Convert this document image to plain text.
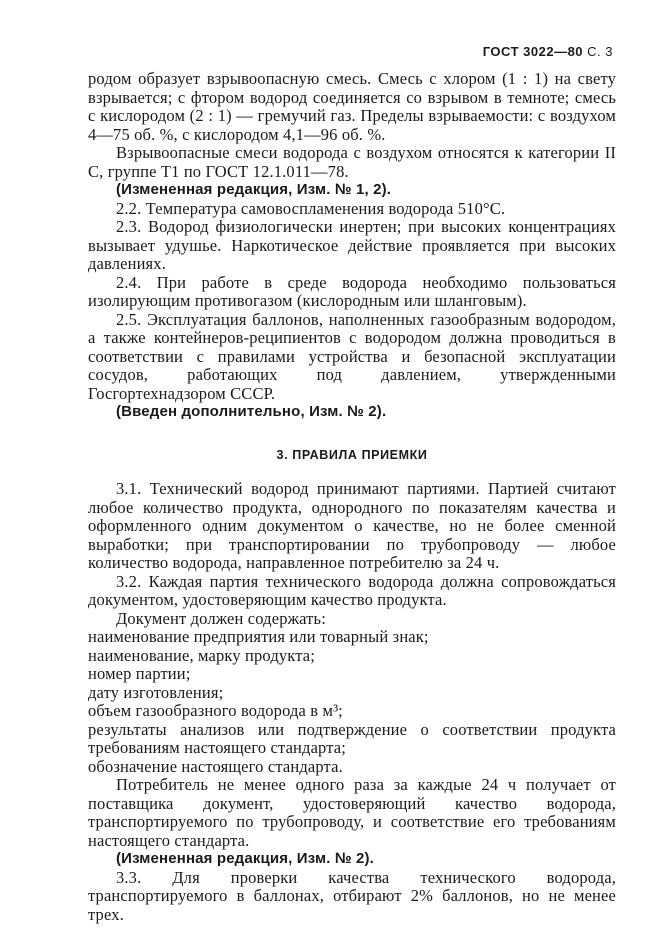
ГОСТ 3022—80 С. 3

родом образует взрывоопасную смесь. Смесь с хлором (1 : 1) на свету взрывается; с фтором водород соединяется со взрывом в темноте; смесь с кислородом (2 : 1) — гремучий газ. Пределы взрываемости: с воздухом 4—75 об. %, с кислородом 4,1—96 об. %.

Взрывоопасные смеси водорода с воздухом относятся к категории II C, группе T1 по ГОСТ 12.1.011—78.

(Измененная редакция, Изм. № 1, 2).

2.2. Температура самовоспламенения водорода 510°С.

2.3. Водород физиологически инертен; при высоких концентрациях вызывает удушье. Наркотическое действие проявляется при высоких давлениях.

2.4. При работе в среде водорода необходимо пользоваться изолирующим противогазом (кислородным или шланговым).

2.5. Эксплуатация баллонов, наполненных газообразным водородом, а также контейнеров-реципиентов с водородом должна проводиться в соответствии с правилами устройства и безопасной эксплуатации сосудов, работающих под давлением, утвержденными Госгортехнадзором СССР.

(Введен дополнительно, Изм. № 2).

3. ПРАВИЛА ПРИЕМКИ

3.1. Технический водород принимают партиями. Партией считают любое количество продукта, однородного по показателям качества и оформленного одним документом о качестве, но не более сменной выработки; при транспортировании по трубопроводу — любое количество водорода, направленное потребителю за 24 ч.

3.2. Каждая партия технического водорода должна сопровождаться документом, удостоверяющим качество продукта.

Документ должен содержать:

наименование предприятия или товарный знак;
наименование, марку продукта;
номер партии;
дату изготовления;
объем газообразного водорода в м³;
результаты анализов или подтверждение о соответствии продукта требованиям настоящего стандарта;
обозначение настоящего стандарта.

Потребитель не менее одного раза за каждые 24 ч получает от поставщика документ, удостоверяющий качество водорода, транспортируемого по трубопроводу, и соответствие его требованиям настоящего стандарта.

(Измененная редакция, Изм. № 2).

3.3. Для проверки качества технического водорода, транспортируемого в баллонах, отбирают 2% баллонов, но не менее трех.
